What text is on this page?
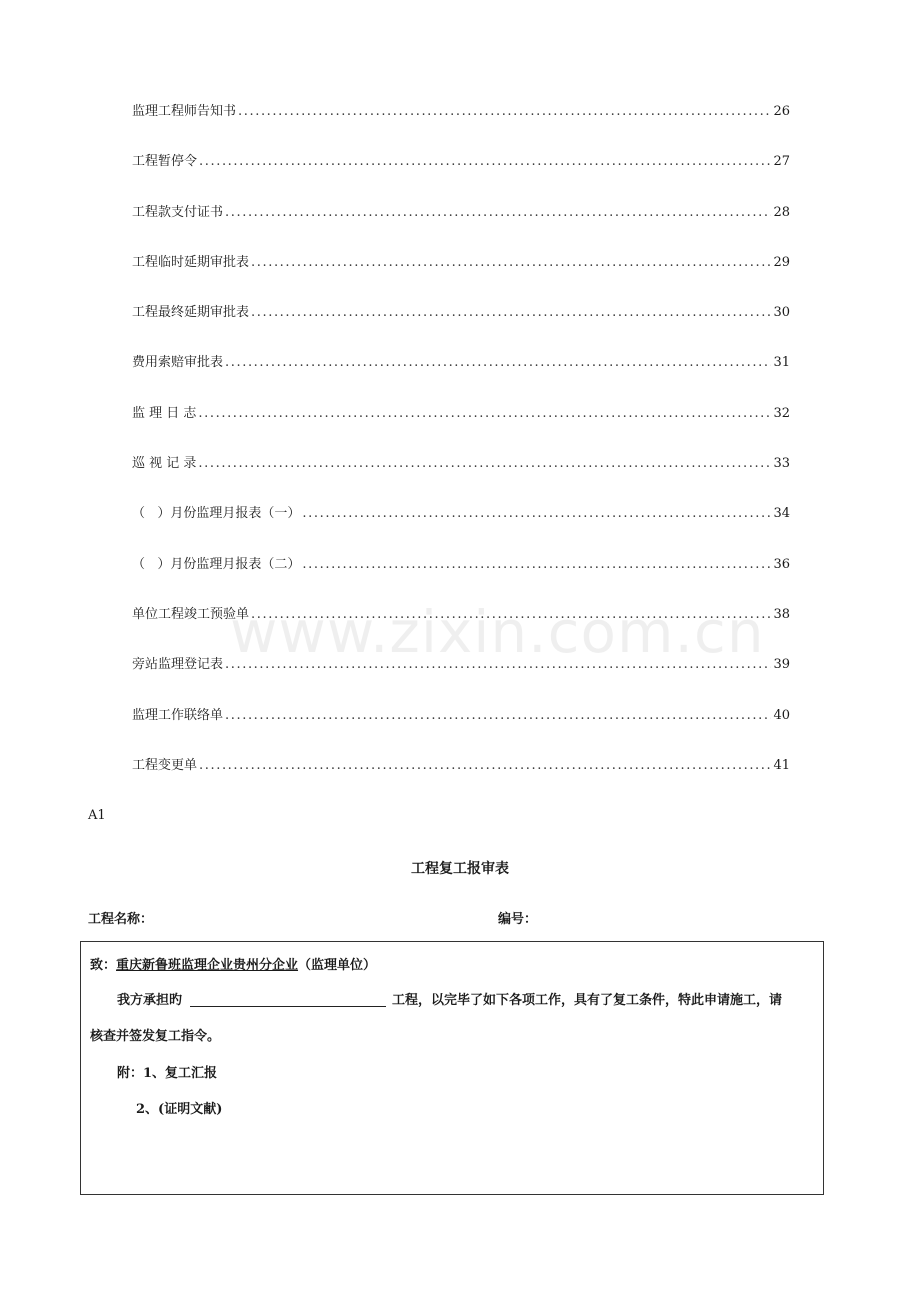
www.zixin.com.cn
监理工程师告知书 .....	26
工程暂停令 .....	27
工程款支付证书 .....	28
工程临时延期审批表 .....	29
工程最终延期审批表 .....	30
费用索赔审批表 .....	31
监 理 日 志 .....	32
巡 视 记 录 .....	33
（   ）月份监理月报表（一） .....	34
（   ）月份监理月报表（二） .....	36
单位工程竣工预验单 .....	38
旁站监理登记表 .....	39
监理工作联络单 .....	40
工程变更单 .....	41
A1
工程复工报审表
工程名称：	编号：
致：重庆新鲁班监理企业贵州分企业（监理单位）
我方承担旳	工程，以完毕了如下各项工作，具有了复工条件，特此申请施工，请
核查并签发复工指令。
附：1、复工汇报
2、(证明文献)
